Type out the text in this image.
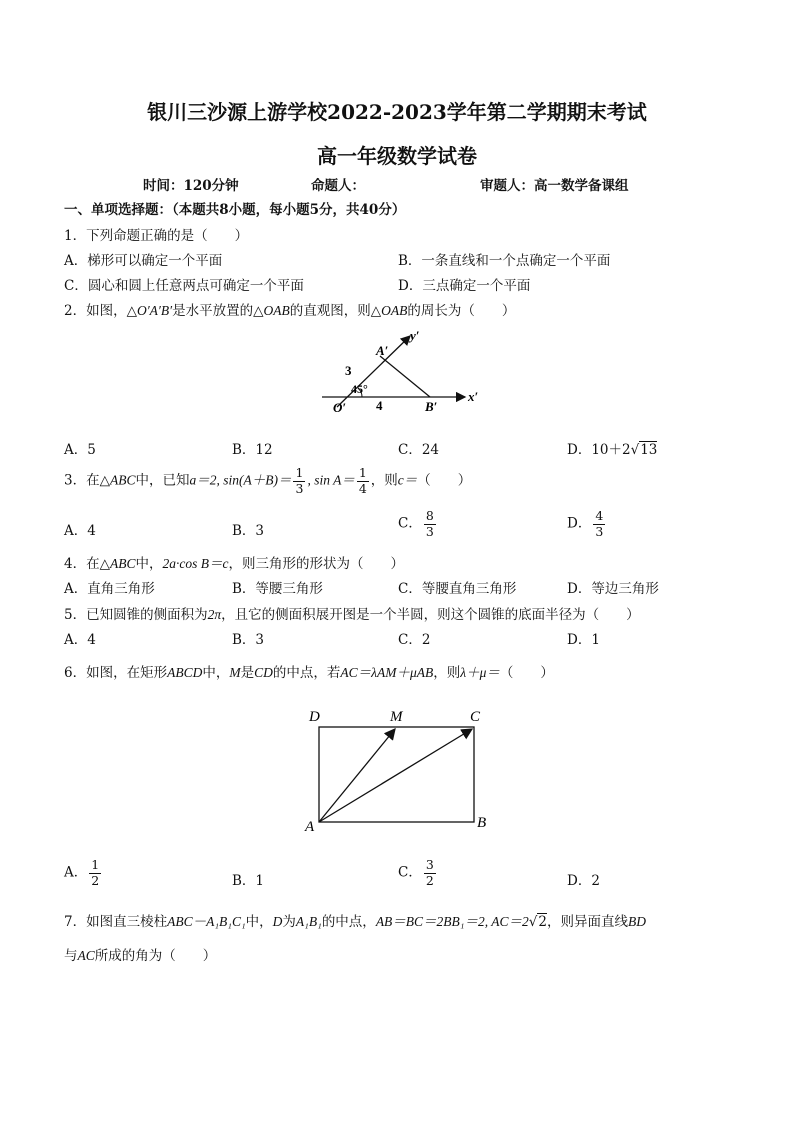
银川三沙源上游学校2022-2023学年第二学期期末考试
高一年级数学试卷
时间：120分钟	命题人：	审题人：高一数学备课组
一、单项选择题：（本题共8小题，每小题5分，共40分）
1．下列命题正确的是（　　）
A．梯形可以确定一个平面	B．一条直线和一个点确定一个平面
C．圆心和圆上任意两点可确定一个平面	D．三点确定一个平面
2．如图，△O′A′B′是水平放置的△OAB的直观图，则△OAB的周长为（　　）
A′
y′
x′
B′
O′
3
4
45°
A．5	B．12	C．24	D．10＋2√13
3．在△ABC中，已知a＝2, $\sin(A+B)= \frac{1}{3}$ , $\sin A= \frac{1}{4}$ ，则c＝（　　）
A．4	B．3	C． $\frac{8}{3}$	D． $\frac{4}{3}$
4．在△ABC中，2a·cos B＝c，则三角形的形状为（　　）
A．直角三角形	B．等腰三角形	C．等腰直角三角形	D．等边三角形
5．已知圆锥的侧面积为2π，且它的侧面积展开图是一个半圆，则这个圆锥的底面半径为（　　）
A．4	B．3	C．2	D．1
6．如图，在矩形ABCD中，M是CD的中点，若AC＝λAM＋μAB，则λ＋μ＝（　　）
D	M	C
A	B
A． $\frac{1}{2}$	B．1
C． $\frac{3}{2}$	D．2
7．如图直三棱柱ABC－A₁B₁C₁中，D为A₁B₁的中点，AB＝BC＝2BB₁＝2, AC＝2√2，则异面直线BD
与AC所成的角为（　　）
